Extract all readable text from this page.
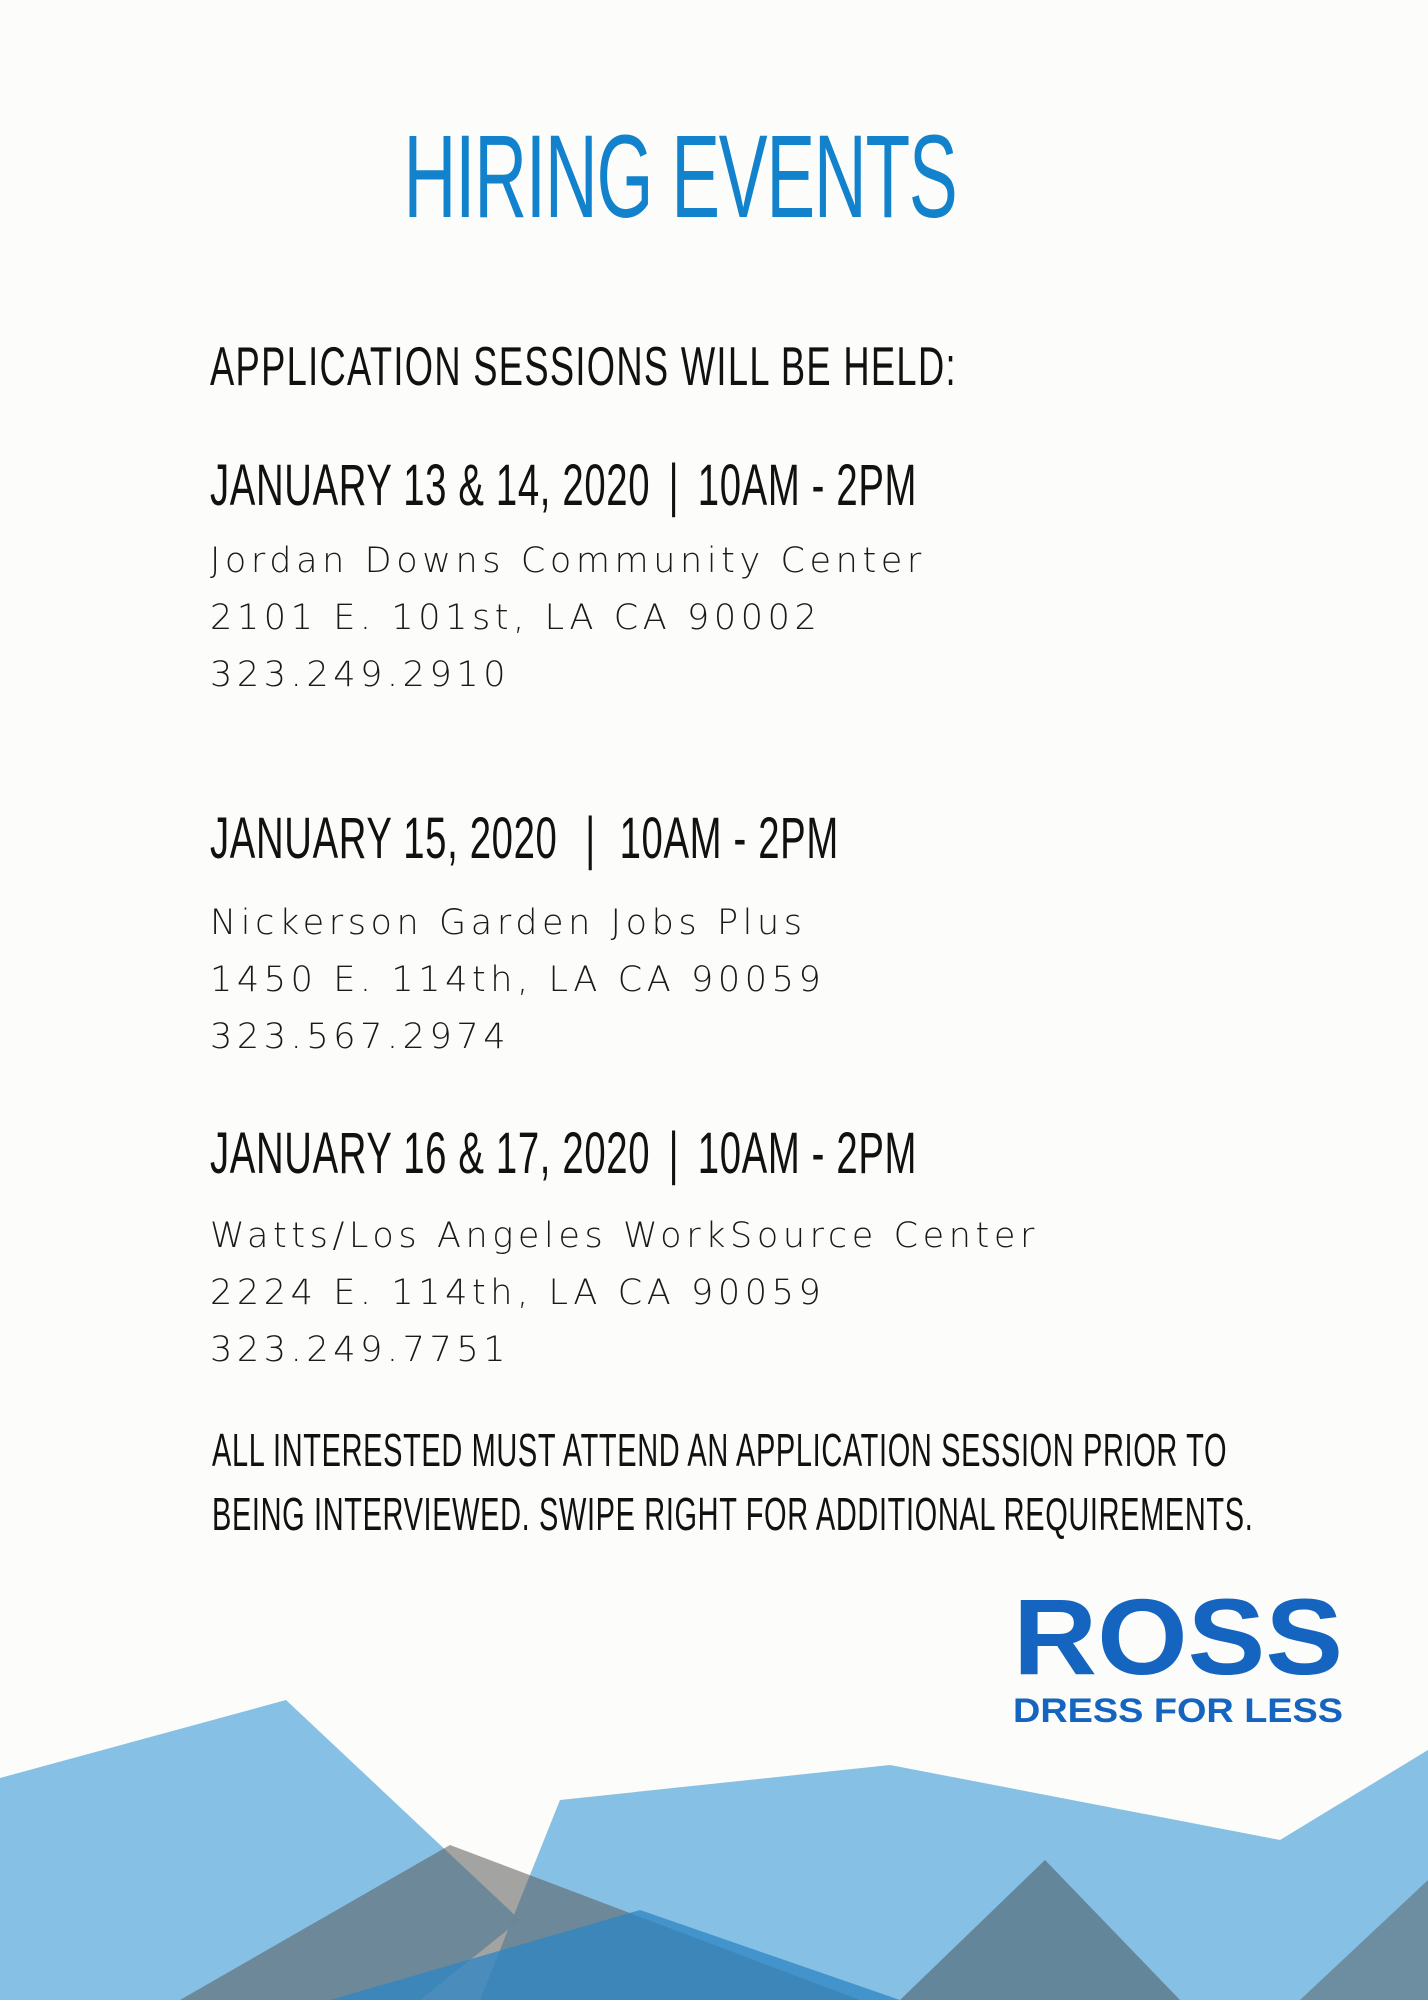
HIRING EVENTS
APPLICATION SESSIONS WILL BE HELD:
JANUARY 13 & 14, 2020 | 10AM - 2PM
Jordan Downs Community Center
2101 E. 101st, LA CA 90002
323.249.2910
JANUARY 15, 2020 | 10AM - 2PM
Nickerson Garden Jobs Plus
1450 E. 114th, LA CA 90059
323.567.2974
JANUARY 16 & 17, 2020 | 10AM - 2PM
Watts/Los Angeles WorkSource Center
2224 E. 114th, LA CA 90059
323.249.7751
ALL INTERESTED MUST ATTEND AN APPLICATION SESSION PRIOR TO
BEING INTERVIEWED. SWIPE RIGHT FOR ADDITIONAL REQUIREMENTS.
ROSS
DRESS FOR LESS
